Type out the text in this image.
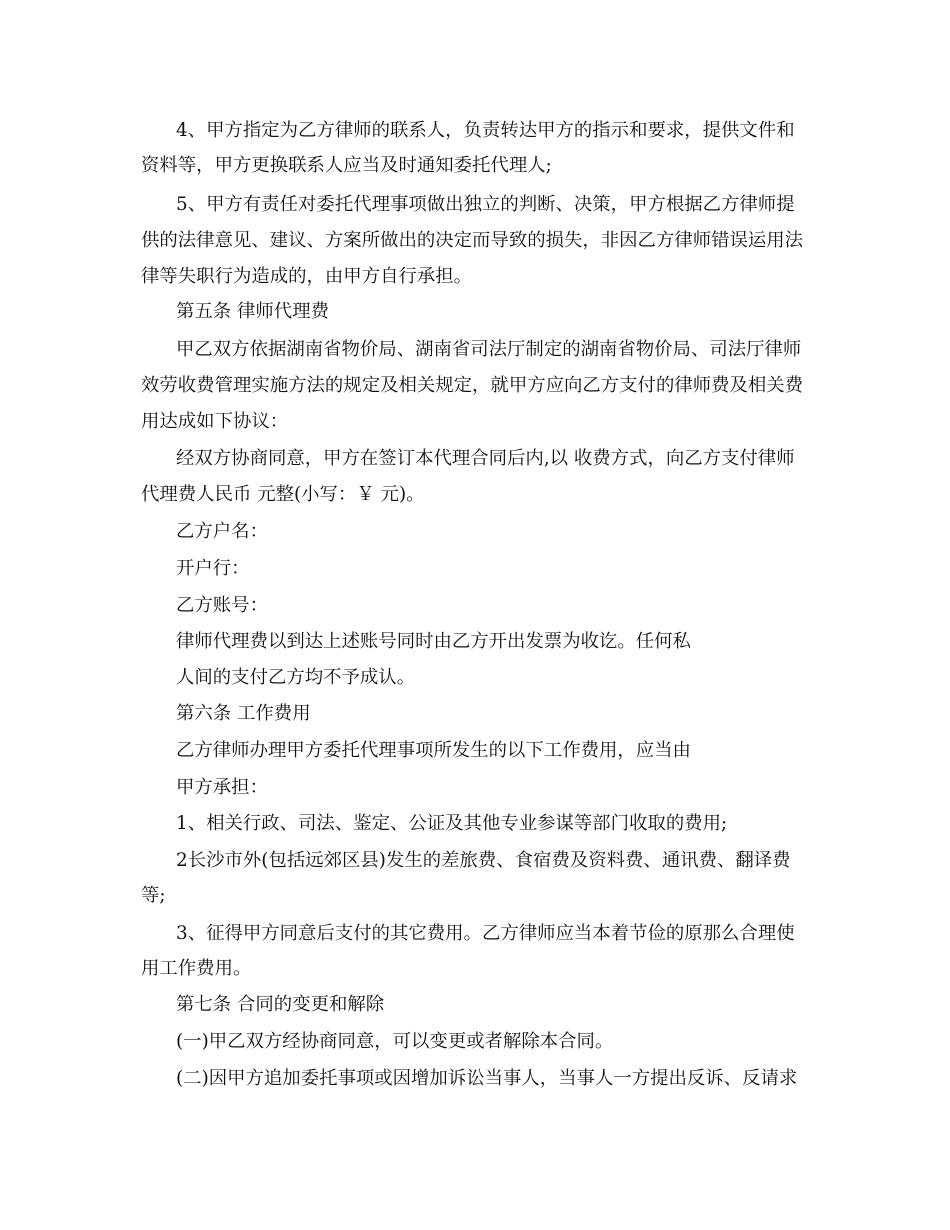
4、甲方指定为乙方律师的联系人，负责转达甲方的指示和要求，提供文件和
资料等，甲方更换联系人应当及时通知委托代理人;
5、甲方有责任对委托代理事项做出独立的判断、决策，甲方根据乙方律师提
供的法律意见、建议、方案所做出的决定而导致的损失，非因乙方律师错误运用法
律等失职行为造成的，由甲方自行承担。
第五条 律师代理费
甲乙双方依据湖南省物价局、湖南省司法厅制定的湖南省物价局、司法厅律师
效劳收费管理实施方法的规定及相关规定，就甲方应向乙方支付的律师费及相关费
用达成如下协议：
经双方协商同意，甲方在签订本代理合同后内,以 收费方式，向乙方支付律师
代理费人民币 元整(小写：￥ 元)。
乙方户名：
开户行：
乙方账号：
律师代理费以到达上述账号同时由乙方开出发票为收讫。任何私
人间的支付乙方均不予成认。
第六条 工作费用
乙方律师办理甲方委托代理事项所发生的以下工作费用，应当由
甲方承担：
1、相关行政、司法、鉴定、公证及其他专业参谋等部门收取的费用;
2长沙市外(包括远郊区县)发生的差旅费、食宿费及资料费、通讯费、翻译费
等;
3、征得甲方同意后支付的其它费用。乙方律师应当本着节俭的原那么合理使
用工作费用。
第七条 合同的变更和解除
(一)甲乙双方经协商同意，可以变更或者解除本合同。
(二)因甲方追加委托事项或因增加诉讼当事人，当事人一方提出反诉、反请求
